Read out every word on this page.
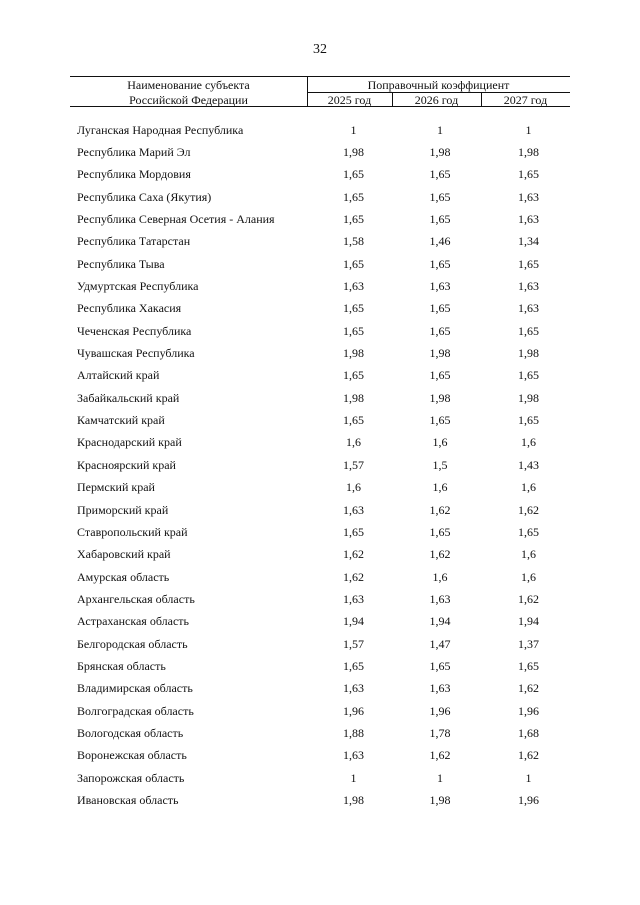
32
Наименование субъекта
Российской Федерации
Поправочный коэффициент
2025 год	2026 год	2027 год
Луганская Народная Республика	1	1	1
Республика Марий Эл	1,98	1,98	1,98
Республика Мордовия	1,65	1,65	1,65
Республика Саха (Якутия)	1,65	1,65	1,63
Республика Северная Осетия - Алания	1,65	1,65	1,63
Республика Татарстан	1,58	1,46	1,34
Республика Тыва	1,65	1,65	1,65
Удмуртская Республика	1,63	1,63	1,63
Республика Хакасия	1,65	1,65	1,63
Чеченская Республика	1,65	1,65	1,65
Чувашская Республика	1,98	1,98	1,98
Алтайский край	1,65	1,65	1,65
Забайкальский край	1,98	1,98	1,98
Камчатский край	1,65	1,65	1,65
Краснодарский край	1,6	1,6	1,6
Красноярский край	1,57	1,5	1,43
Пермский край	1,6	1,6	1,6
Приморский край	1,63	1,62	1,62
Ставропольский край	1,65	1,65	1,65
Хабаровский край	1,62	1,62	1,6
Амурская область	1,62	1,6	1,6
Архангельская область	1,63	1,63	1,62
Астраханская область	1,94	1,94	1,94
Белгородская область	1,57	1,47	1,37
Брянская область	1,65	1,65	1,65
Владимирская область	1,63	1,63	1,62
Волгоградская область	1,96	1,96	1,96
Вологодская область	1,88	1,78	1,68
Воронежская область	1,63	1,62	1,62
Запорожская область	1	1	1
Ивановская область	1,98	1,98	1,96
